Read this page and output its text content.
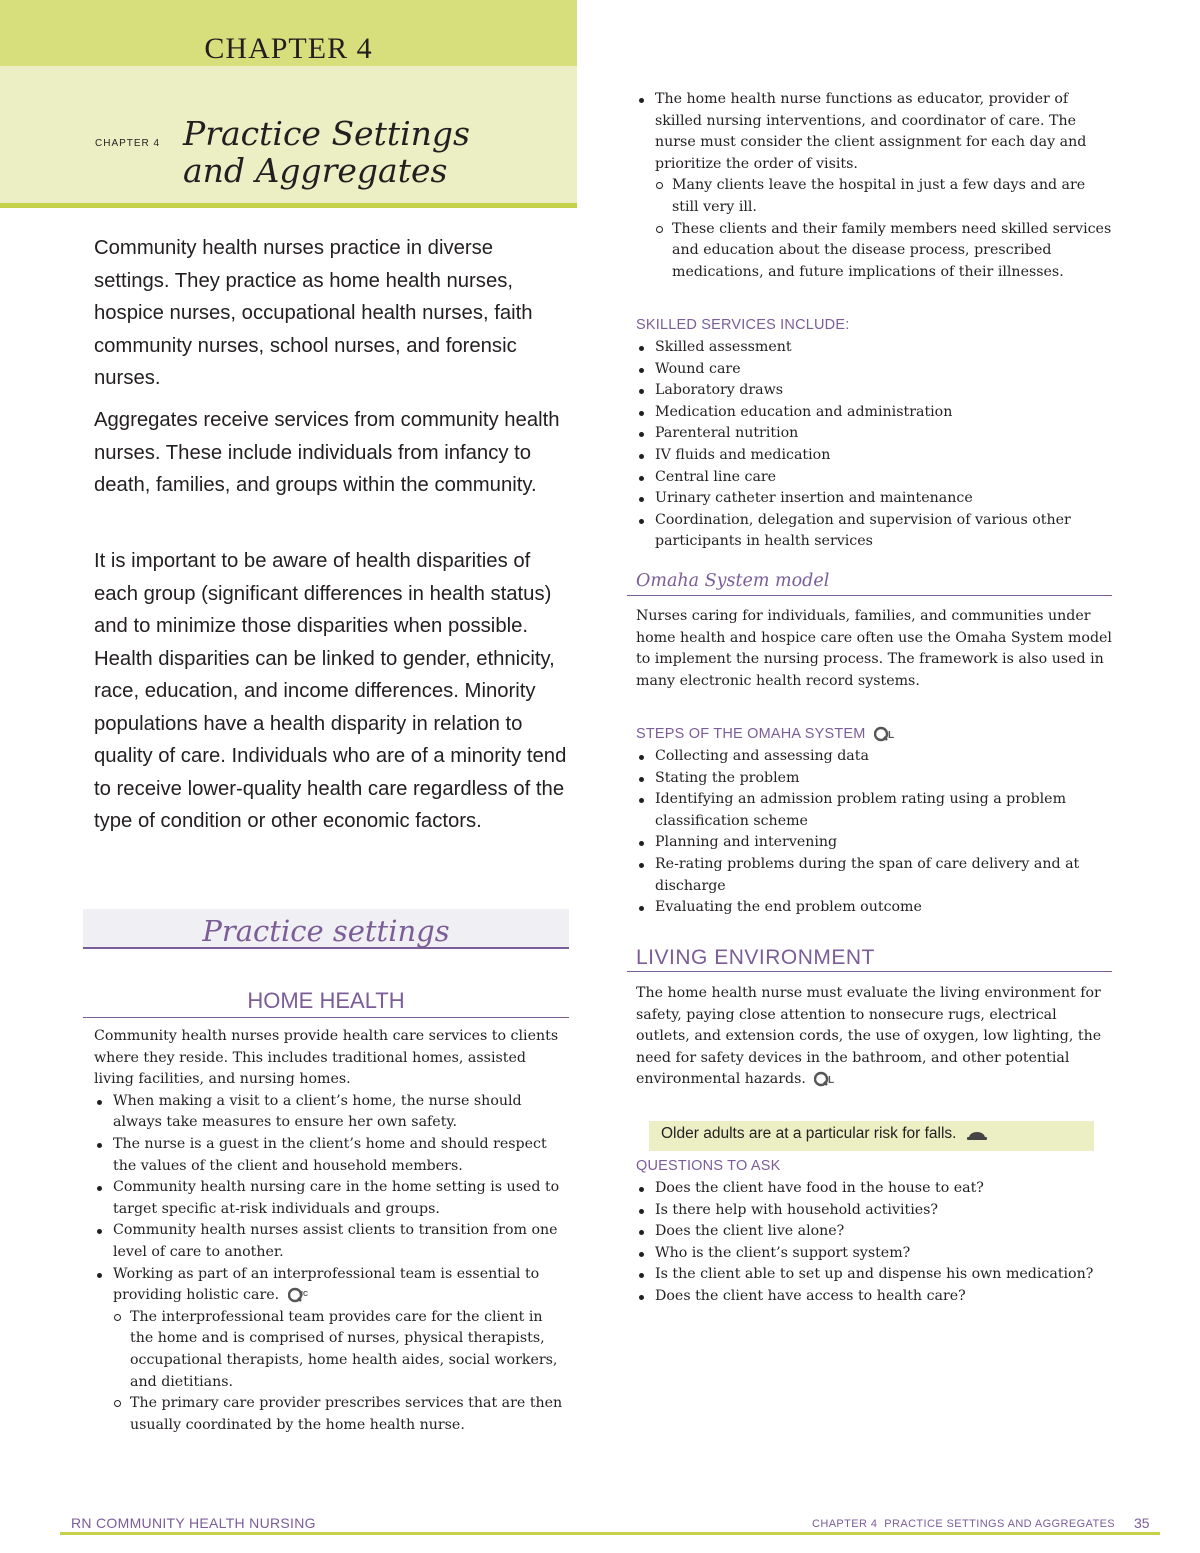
CHAPTER 4
CHAPTER 4 Practice Settings
and Aggregates

Community health nurses practice in diverse settings. They practice as home health nurses, hospice nurses, occupational health nurses, faith community nurses, school nurses, and forensic nurses.

Aggregates receive services from community health nurses. These include individuals from infancy to death, families, and groups within the community.

It is important to be aware of health disparities of each group (significant differences in health status) and to minimize those disparities when possible. Health disparities can be linked to gender, ethnicity, race, education, and income differences. Minority populations have a health disparity in relation to quality of care. Individuals who are of a minority tend to receive lower-quality health care regardless of the type of condition or other economic factors.

Practice settings
HOME HEALTH
Community health nurses provide health care services to clients where they reside. This includes traditional homes, assisted living facilities, and nursing homes.
When making a visit to a client’s home, the nurse should always take measures to ensure her own safety.
The nurse is a guest in the client’s home and should respect the values of the client and household members.
Community health nursing care in the home setting is used to target specific at-risk individuals and groups.
Community health nurses assist clients to transition from one level of care to another.
Working as part of an interprofessional team is essential to providing holistic care.	IC
The interprofessional team provides care for the client in the home and is comprised of nurses, physical therapists, occupational therapists, home health aides, social workers, and dietitians.
The primary care provider prescribes services that are then usually coordinated by the home health nurse.
The home health nurse functions as educator, provider of skilled nursing interventions, and coordinator of care. The nurse must consider the client assignment for each day and prioritize the order of visits.
Many clients leave the hospital in just a few days and are still very ill.
These clients and their family members need skilled services and education about the disease process, prescribed medications, and future implications of their illnesses.
SKILLED SERVICES INCLUDE:
Skilled assessment
Wound care
Laboratory draws
Medication education and administration
Parenteral nutrition
IV fluids and medication
Central line care
Urinary catheter insertion and maintenance
Coordination, delegation and supervision of various other participants in health services
Omaha System model
Nurses caring for individuals, families, and communities under home health and hospice care often use the Omaha System model to implement the nursing process. The framework is also used in many electronic health record systems.
STEPS OF THE OMAHA SYSTEM L
Collecting and assessing data
Stating the problem
Identifying an admission problem rating using a problem classification scheme
Planning and intervening
Re-rating problems during the span of care delivery and at discharge
Evaluating the end problem outcome
LIVING ENVIRONMENT
The home health nurse must evaluate the living environment for safety, paying close attention to nonsecure rugs, electrical outlets, and extension cords, the use of oxygen, low lighting, the need for safety devices in the bathroom, and other potential environmental hazards. L
Older adults are at a particular risk for falls.
QUESTIONS TO ASK
Does the client have food in the house to eat?
Is there help with household activities?
Does the client live alone?
Who is the client’s support system?
Is the client able to set up and dispense his own medication?
Does the client have access to health care?
RN COMMUNITY HEALTH NURSING	CHAPTER 4  PRACTICE SETTINGS AND AGGREGATES 35
